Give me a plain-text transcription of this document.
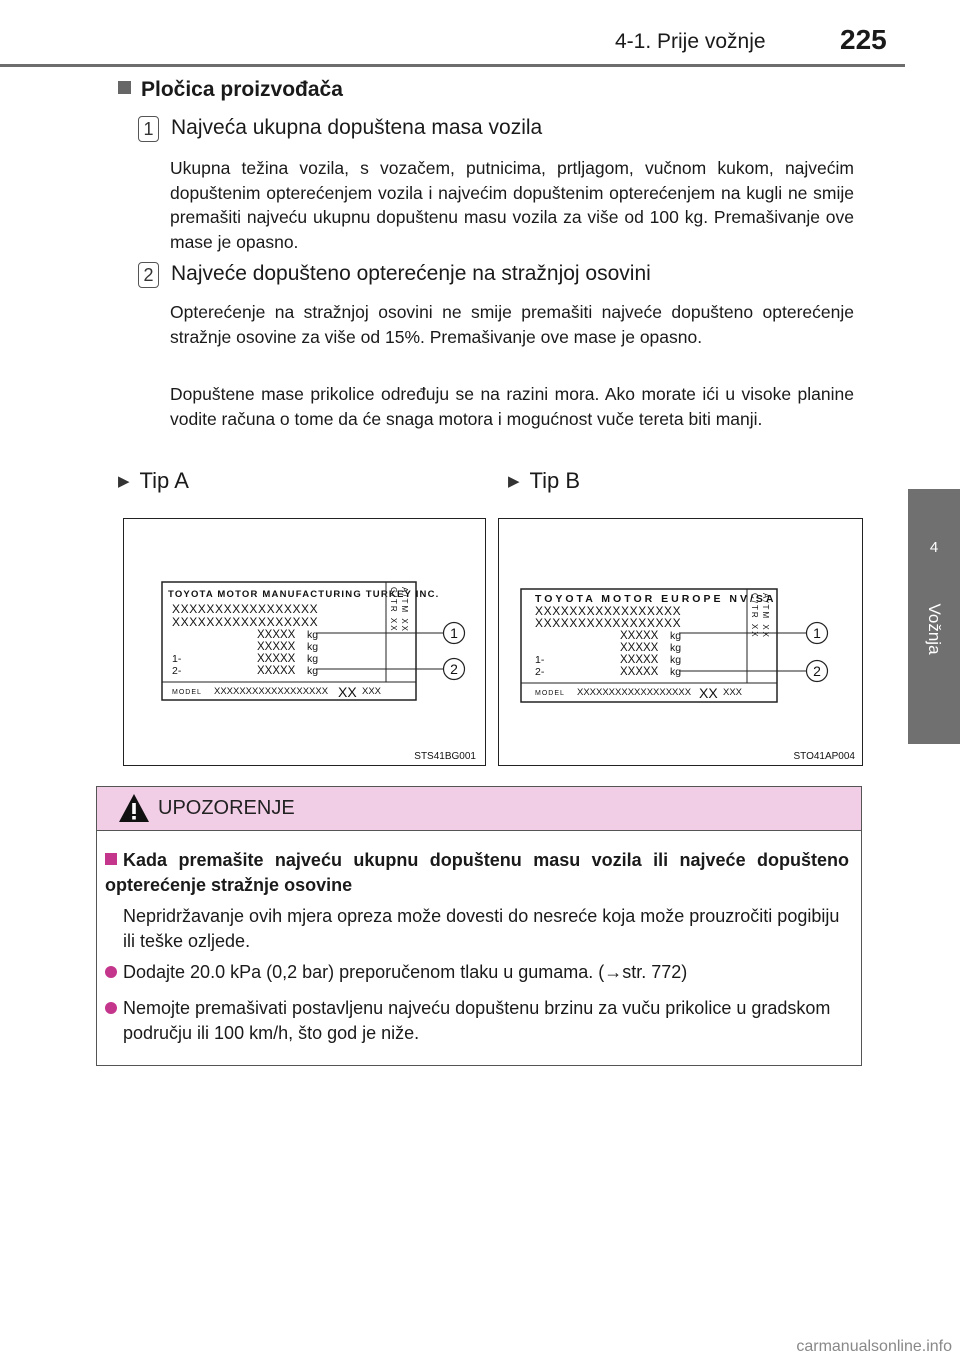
4-1. Prije vožnje	225
4
Vožnja
Pločica proizvođača
1 Najveća ukupna dopuštena masa vozila
Ukupna težina vozila, s vozačem, putnicima, prtljagom, vučnom kukom, najvećim dopuštenim opterećenjem vozila i najvećim dopuštenim opterećenjem na kugli ne smije premašiti najveću ukupnu dopuštenu masu vozila za više od 100 kg. Premašivanje ove mase je opasno.
2 Najveće dopušteno opterećenje na stražnjoj osovini
Opterećenje na stražnjoj osovini ne smije premašiti najveće dopušteno opterećenje stražnje osovine za više od 15%. Premašivanje ove mase je opasno.
Dopuštene mase prikolice određuju se na razini mora. Ako morate ići u visoke planine vodite računa o tome da će snaga motora i mogućnost vuče tereta biti manji.
▶ Tip A	▶ Tip B
TOYOTA MOTOR MANUFACTURING TURKEY INC.
XXXXXXXXXXXXXXXXX
XXXXXXXXXXXXXXXXX
XXXXX kg
XXXXX kg
1-	XXXXX kg
2-	XXXXX kg
MODEL XXXXXXXXXXXXXXXXXX XX XXX
C/TR XX A/TM XX	1
2
STS41BG001
TOYOTA MOTOR EUROPE NV/SA
XXXXXXXXXXXXXXXXX
XXXXXXXXXXXXXXXXX
XXXXX kg
XXXXX kg
1-	XXXXX kg
2-	XXXXX kg
MODEL XXXXXXXXXXXXXXXXXX XX XXX
C/TR XX A/TM XX	1
2
STO41AP004
UPOZORENJE
Kada premašite najveću ukupnu dopuštenu masu vozila ili najveće dopušteno opterećenje stražnje osovine
Nepridržavanje ovih mjera opreza može dovesti do nesreće koja može prouzročiti pogibiju ili teške ozljede.
Dodajte 20.0 kPa (0,2 bar) preporučenom tlaku u gumama. (→str. 772)
Nemojte premašivati postavljenu najveću dopuštenu brzinu za vuču prikolice u gradskom području ili 100 km/h, što god je niže.
carmanualsonline.info
